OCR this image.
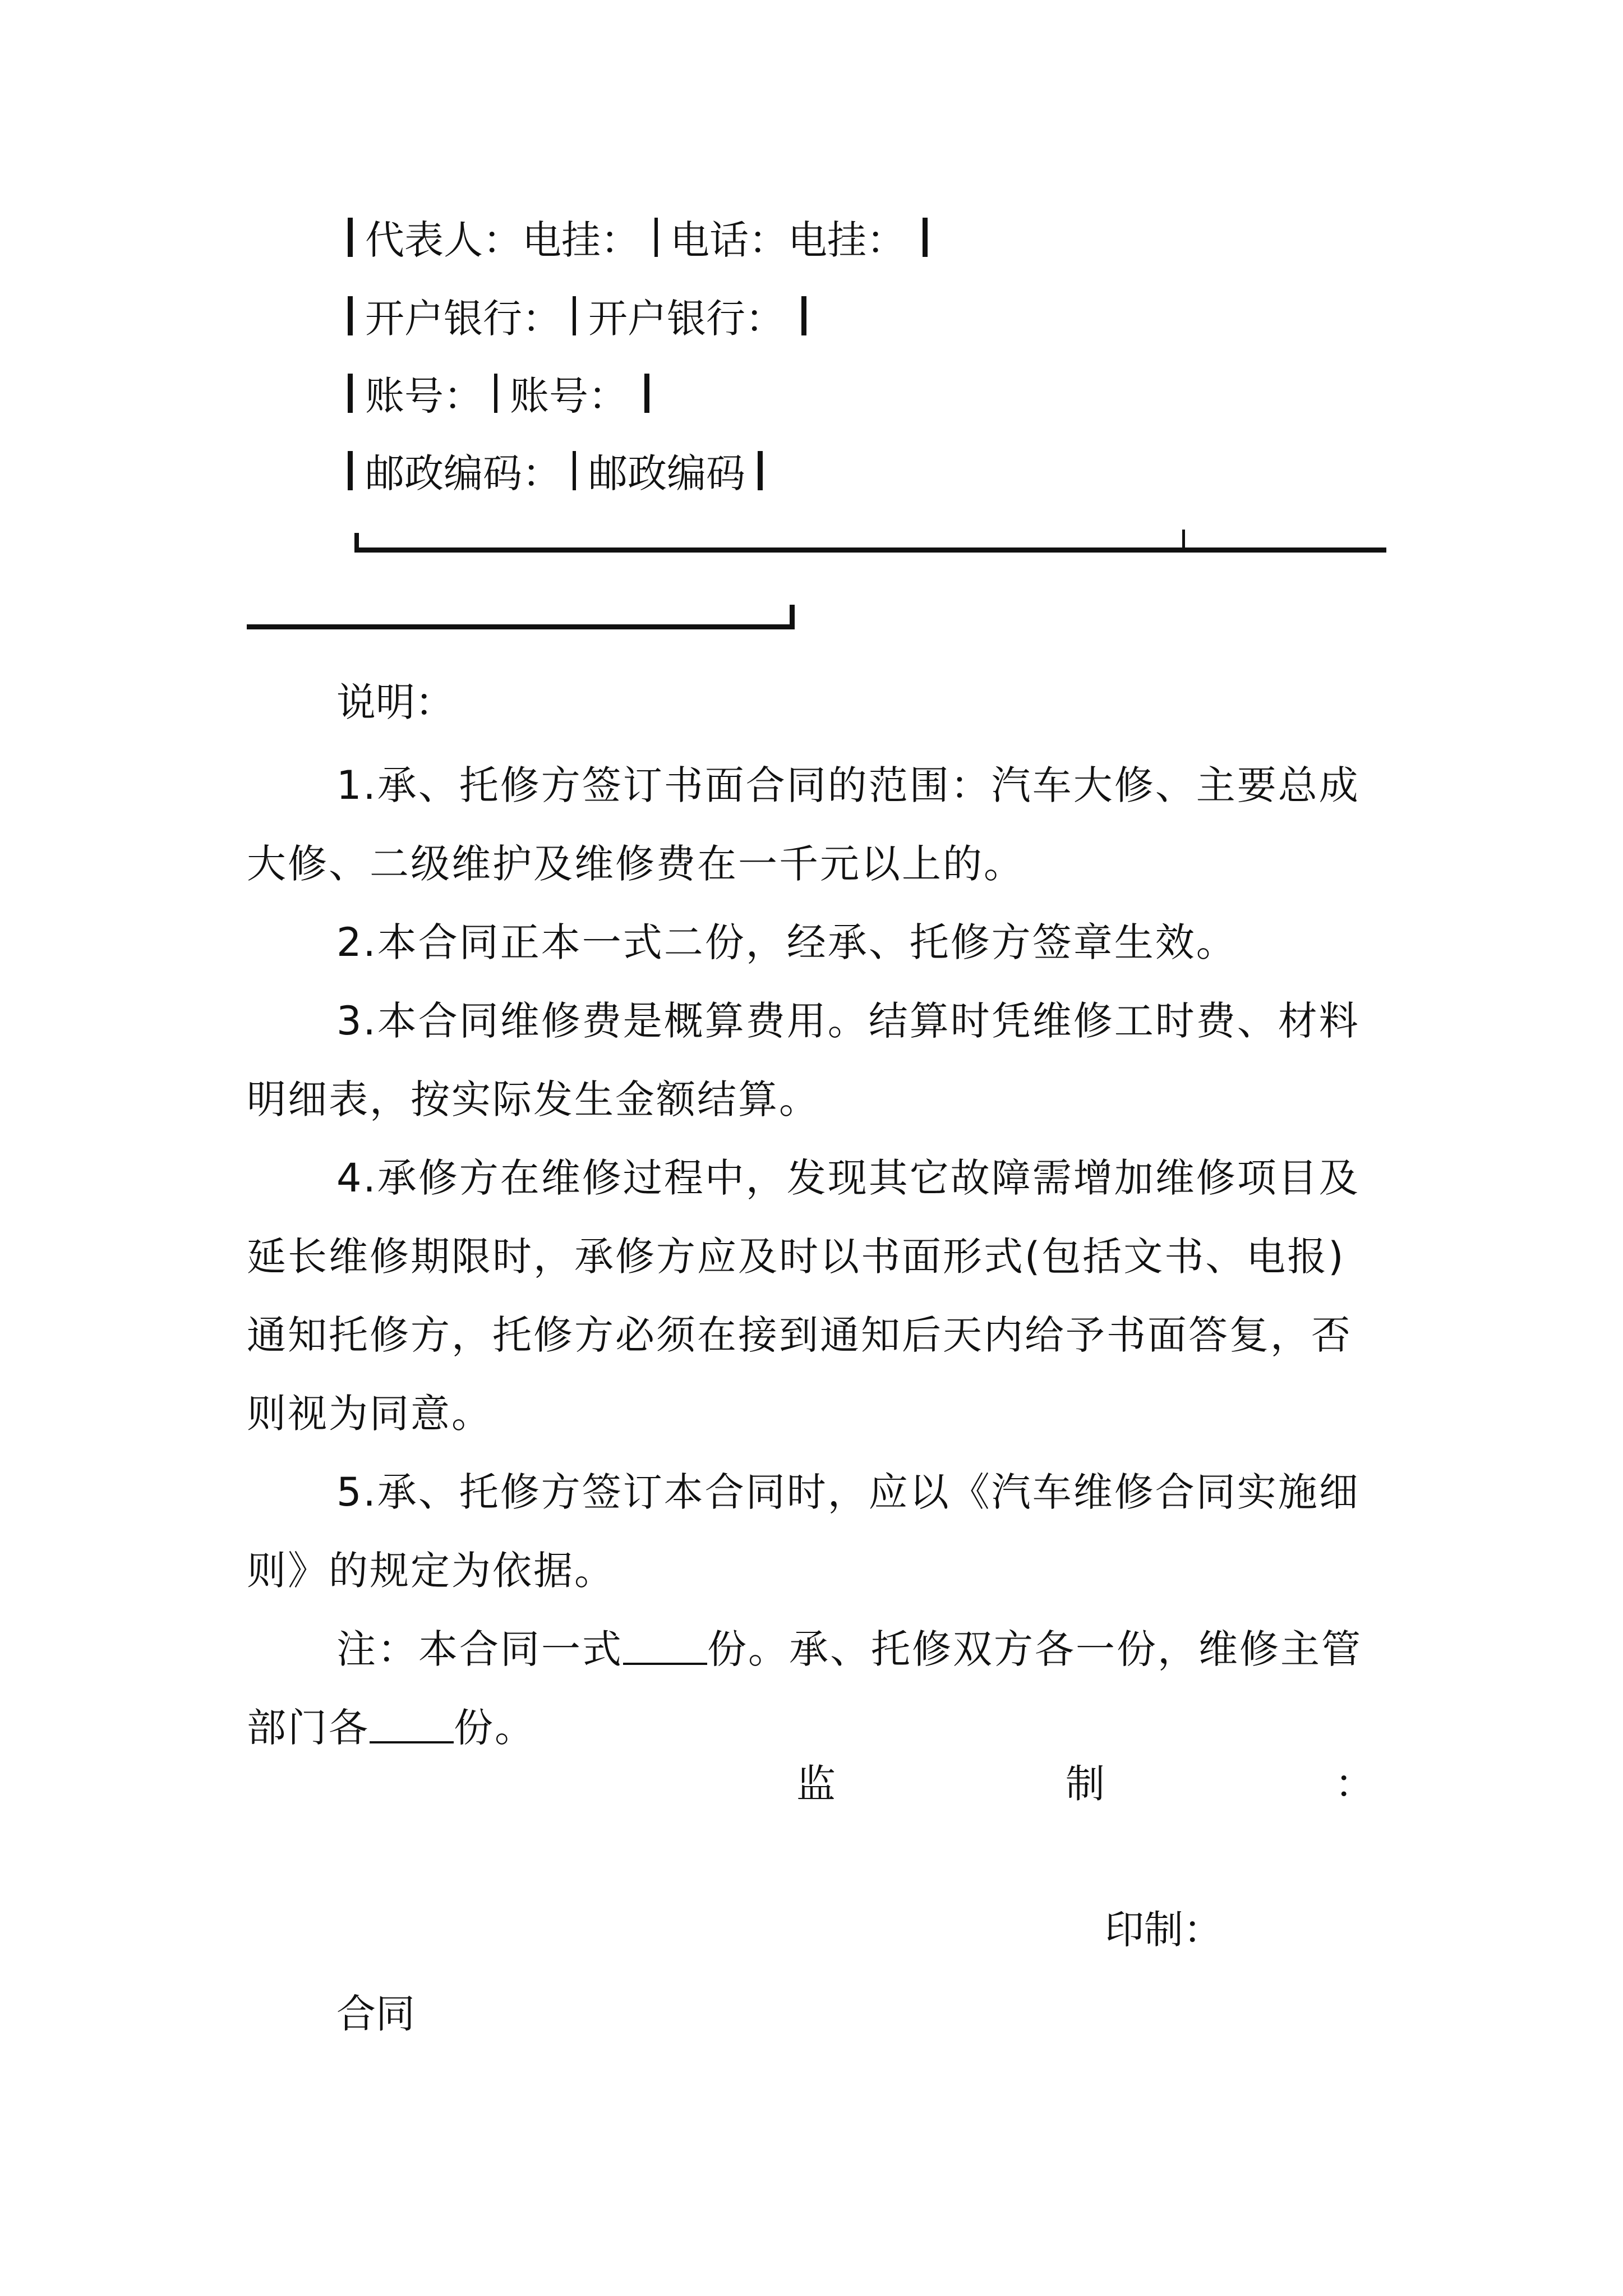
代表人：电挂： 电话：电挂：
开户银行： 开户银行：
账号： 账号：
邮政编码： 邮政编码
说明：
1.承、托修方签订书面合同的范围：汽车大修、主要总成大修、二级维护及维修费在一千元以上的。
2.本合同正本一式二份，经承、托修方签章生效。
3.本合同维修费是概算费用。结算时凭维修工时费、材料明细表，按实际发生金额结算。
4.承修方在维修过程中，发现其它故障需增加维修项目及延长维修期限时，承修方应及时以书面形式(包括文书、电报)通知托修方，托修方必须在接到通知后天内给予书面答复，否则视为同意。
5.承、托修方签订本合同时，应以《汽车维修合同实施细则》的规定为依据。
注：本合同一式 份。承、托修双方各一份，维修主管部门各 份。
监	制	：
印制：
合同
